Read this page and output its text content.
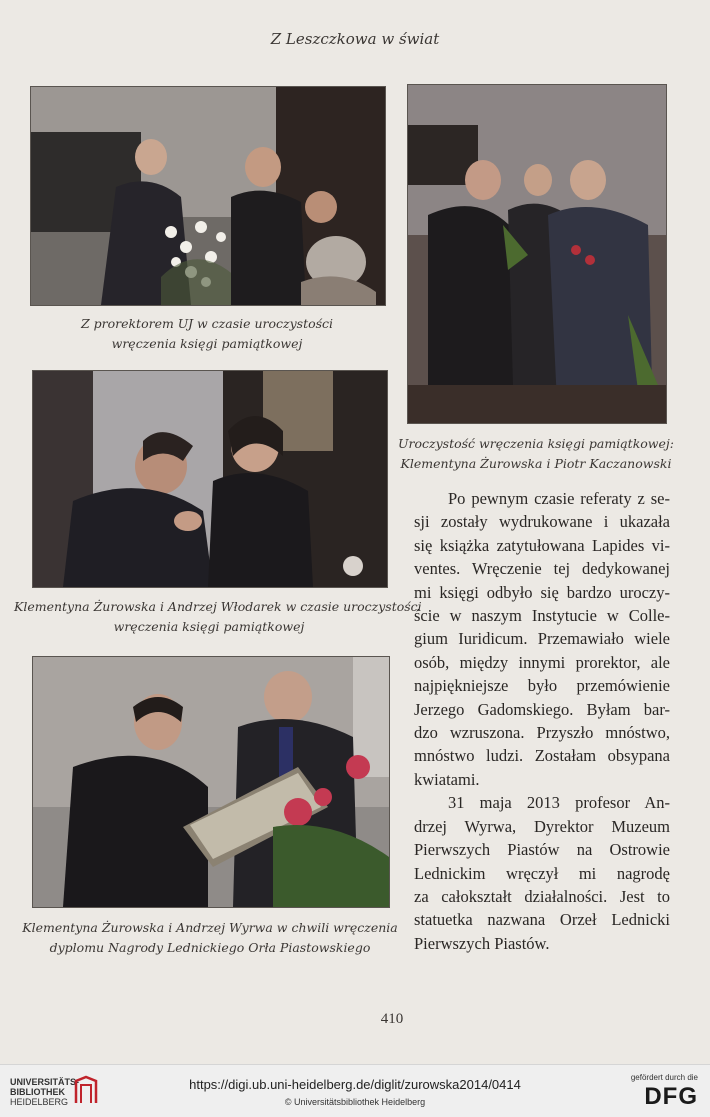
Z Leszczkowa w świat
Z prorektorem UJ w czasie uroczystości
wręczenia księgi pamiątkowej
Uroczystość wręczenia księgi pamiątkowej:
Klementyna Żurowska i Piotr Kaczanowski
Klementyna Żurowska i Andrzej Włodarek w czasie uroczystości
wręczenia księgi pamiątkowej
Klementyna Żurowska i Andrzej Wyrwa w chwili wręczenia
dyplomu Nagrody Lednickiego Orła Piastowskiego
Po pewnym czasie referaty z se-
sji zostały wydrukowane i ukazała
się książka zatytułowana Lapides vi-
ventes. Wręczenie tej dedykowanej
mi księgi odbyło się bardzo uroczy-
ście w naszym Instytucie w Colle-
gium Iuridicum. Przemawiało wiele
osób, między innymi prorektor, ale
najpiękniejsze było przemówienie
Jerzego Gadomskiego. Byłam bar-
dzo wzruszona. Przyszło mnóstwo,
mnóstwo ludzi. Zostałam obsypana
kwiatami.
31 maja 2013 profesor An-
drzej Wyrwa, Dyrektor Muzeum
Pierwszych Piastów na Ostrowie
Lednickim wręczył mi nagrodę
za całokształt działalności. Jest to
statuetka nazwana Orzeł Lednicki
Pierwszych Piastów.
410
UNIVERSITÄTS-
BIBLIOTHEK
HEIDELBERG
https://digi.ub.uni-heidelberg.de/diglit/zurowska2014/0414
© Universitätsbibliothek Heidelberg
gefördert durch die
DFG
